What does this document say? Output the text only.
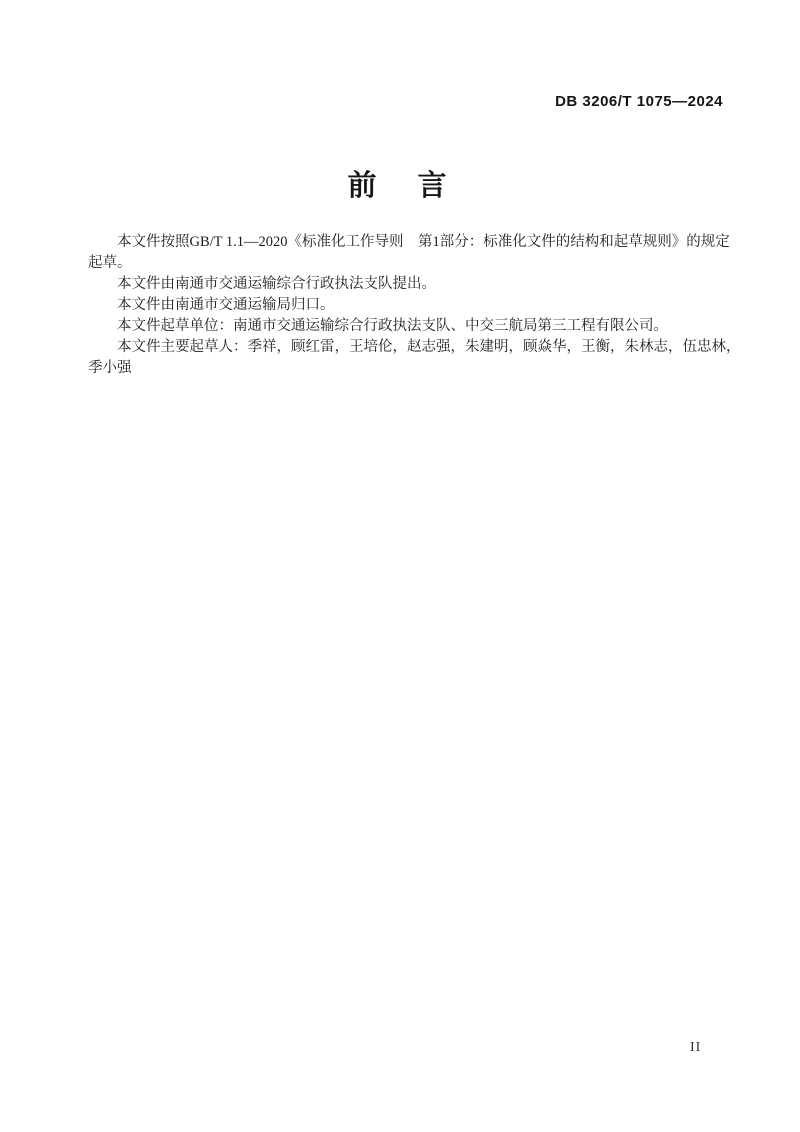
DB 3206/T 1075—2024
前　言
本文件按照GB/T 1.1—2020《标准化工作导则　第1部分：标准化文件的结构和起草规则》的规定
起草。
本文件由南通市交通运输综合行政执法支队提出。
本文件由南通市交通运输局归口。
本文件起草单位：南通市交通运输综合行政执法支队、中交三航局第三工程有限公司。
本文件主要起草人：季祥，顾红雷，王培伦，赵志强，朱建明，顾焱华，王衡，朱林志，伍忠林，
季小强
II
